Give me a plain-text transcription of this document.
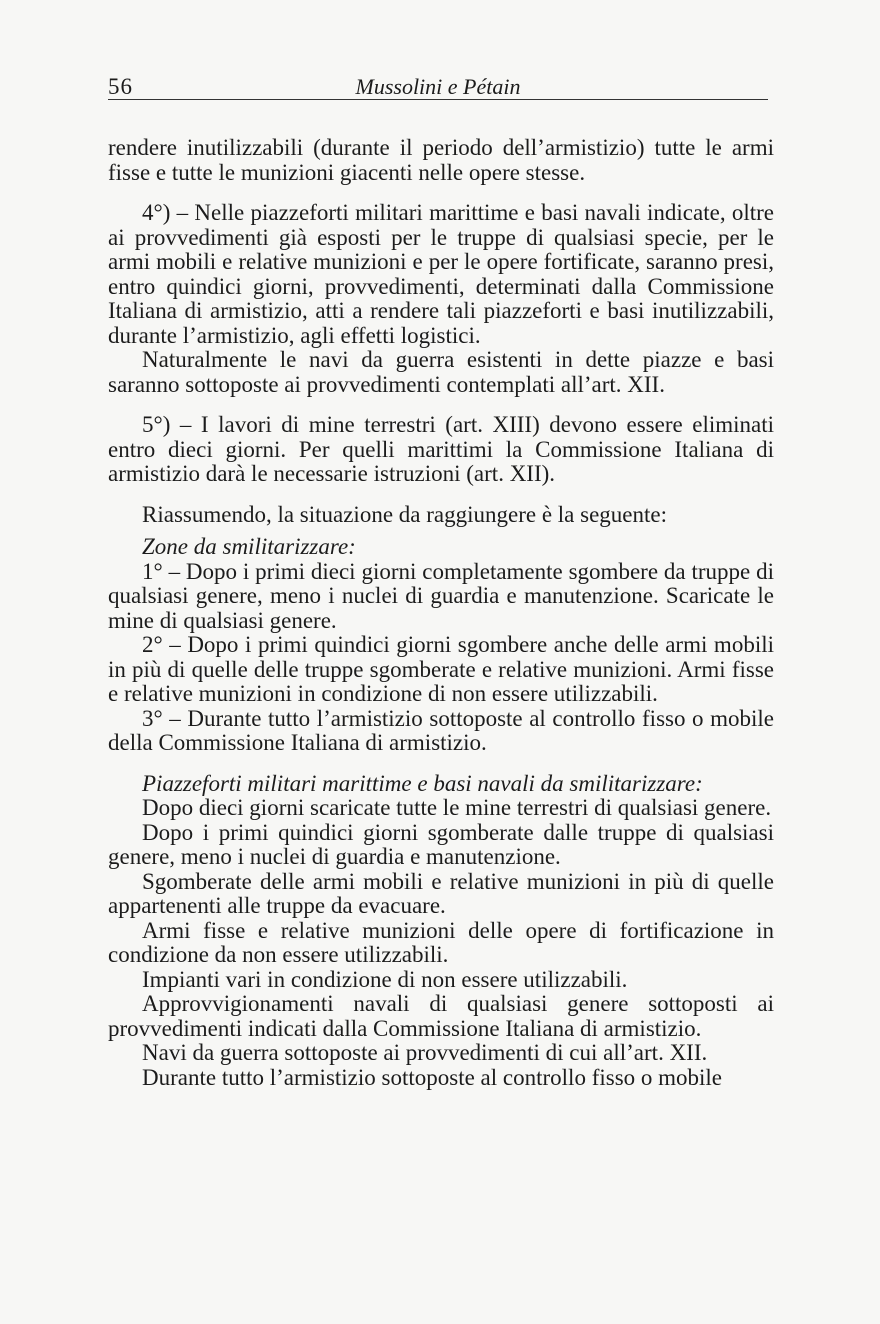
56	Mussolini e Pétain

rendere inutilizzabili (durante il periodo dell’armistizio) tutte le armi fisse e tutte le munizioni giacenti nelle opere stesse.

4°) – Nelle piazzeforti militari marittime e basi navali indicate, oltre ai provvedimenti già esposti per le truppe di qualsiasi specie, per le armi mobili e relative munizioni e per le opere fortificate, saranno presi, entro quindici giorni, provvedimenti, determinati dalla Commissione Italiana di armistizio, atti a rendere tali piazzeforti e basi inutilizzabili, durante l’armistizio, agli effetti logistici.

Naturalmente le navi da guerra esistenti in dette piazze e basi saranno sottoposte ai provvedimenti contemplati all’art. XII.

5°) – I lavori di mine terrestri (art. XIII) devono essere eliminati entro dieci giorni. Per quelli marittimi la Commissione Italiana di armistizio darà le necessarie istruzioni (art. XII).

Riassumendo, la situazione da raggiungere è la seguente:

Zone da smilitarizzare:

1° – Dopo i primi dieci giorni completamente sgombere da truppe di qualsiasi genere, meno i nuclei di guardia e manutenzione. Scaricate le mine di qualsiasi genere.

2° – Dopo i primi quindici giorni sgombere anche delle armi mobili in più di quelle delle truppe sgomberate e relative munizioni. Armi fisse e relative munizioni in condizione di non essere utilizzabili.

3° – Durante tutto l’armistizio sottoposte al controllo fisso o mobile della Commissione Italiana di armistizio.

Piazzeforti militari marittime e basi navali da smilitarizzare:

Dopo dieci giorni scaricate tutte le mine terrestri di qualsiasi genere.

Dopo i primi quindici giorni sgomberate dalle truppe di qualsiasi genere, meno i nuclei di guardia e manutenzione.

Sgomberate delle armi mobili e relative munizioni in più di quelle appartenenti alle truppe da evacuare.

Armi fisse e relative munizioni delle opere di fortificazione in condizione da non essere utilizzabili.

Impianti vari in condizione di non essere utilizzabili.

Approvvigionamenti navali di qualsiasi genere sottoposti ai provvedimenti indicati dalla Commissione Italiana di armistizio.

Navi da guerra sottoposte ai provvedimenti di cui all’art. XII.

Durante tutto l’armistizio sottoposte al controllo fisso o mobile
